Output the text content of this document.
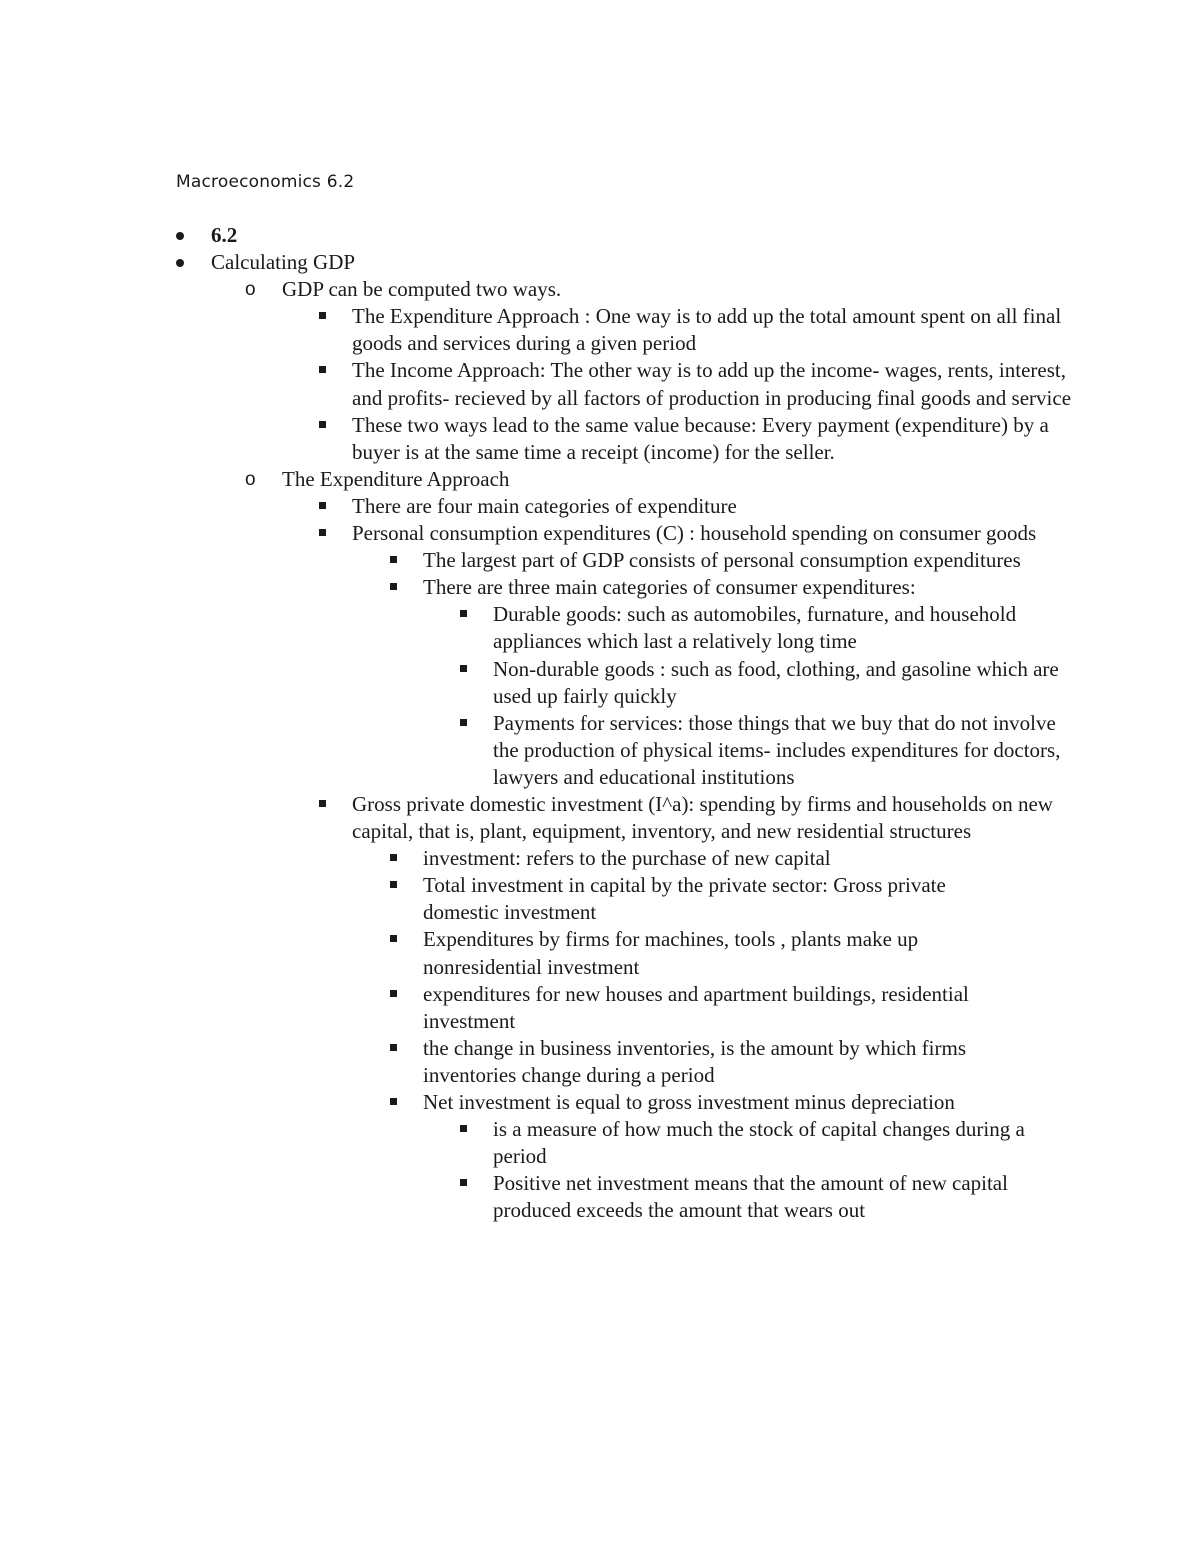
Macroeconomics 6.2
6.2
Calculating GDP
o GDP can be computed two ways.
The Expenditure Approach : One way is to add up the total amount spent on all final goods and services during a given period
The Income Approach: The other way is to add up the income- wages, rents, interest, and profits- recieved by all factors of production in producing final goods and service
These two ways lead to the same value because: Every payment (expenditure) by a buyer is at the same time a receipt (income) for the seller.
o The Expenditure Approach
There are four main categories of expenditure
Personal consumption expenditures (C) : household spending on consumer goods
The largest part of GDP consists of personal consumption expenditures
There are three main categories of consumer expenditures:
Durable goods: such as automobiles, furnature, and household appliances which last a relatively long time
Non-durable goods : such as food, clothing, and gasoline which are used up fairly quickly
Payments for services: those things that we buy that do not involve the production of physical items- includes expenditures for doctors, lawyers and educational institutions
Gross private domestic investment (I^a): spending by firms and households on new capital, that is, plant, equipment, inventory, and new residential structures
investment: refers to the purchase of new capital
Total investment in capital by the private sector: Gross private domestic investment
Expenditures by firms for machines, tools , plants make up nonresidential investment
expenditures for new houses and apartment buildings, residential investment
the change in business inventories, is the amount by which firms inventories change during a period
Net investment is equal to gross investment minus depreciation
is a measure of how much the stock of capital changes during a period
Positive net investment means that the amount of new capital produced exceeds the amount that wears out
